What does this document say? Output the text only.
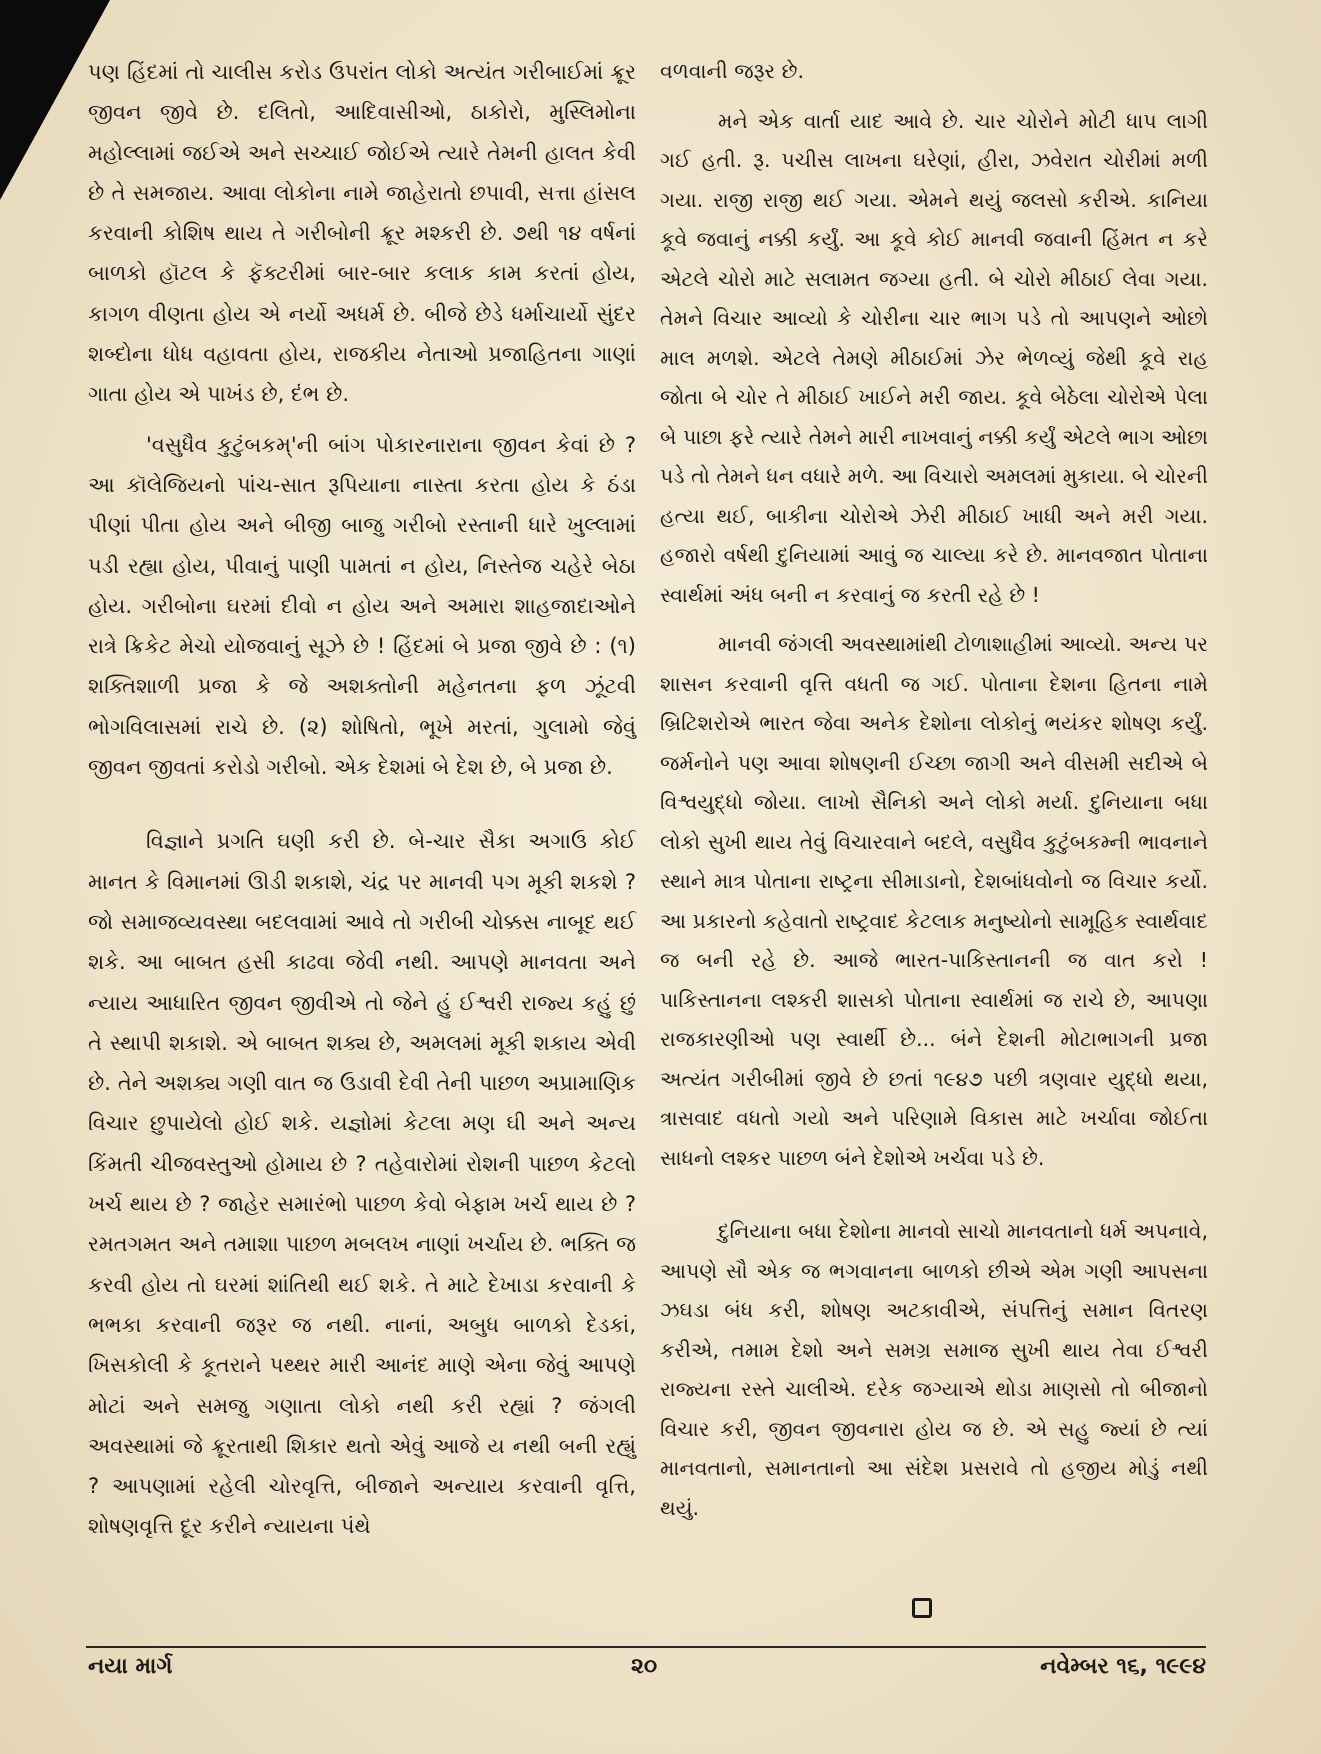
પણ હિંદમાં તો ચાલીસ કરોડ ઉપરાંત લોકો અત્યંત ગરીબાઈમાં ક્રૂર જીવન જીવે છે. દલિતો, આદિવાસીઓ, ઠાકોરો, મુસ્લિમોના મહોલ્લામાં જઈએ અને સચ્ચાઈ જોઈએ ત્યારે તેમની હાલત કેવી છે તે સમજાય. આવા લોકોના નામે જાહેરાતો છપાવી, સત્તા હાંસલ કરવાની કોશિષ થાય તે ગરીબોની ક્રૂર મશ્કરી છે. ૭થી ૧૪ વર્ષનાં બાળકો હૉટલ કે ફૅક્ટરીમાં બાર-બાર કલાક કામ કરતાં હોય, કાગળ વીણતા હોય એ નર્યો અધર્મ છે. બીજે છેડે ધર્માચાર્યો સુંદર શબ્દોના ધોધ વહાવતા હોય, રાજકીય નેતાઓ પ્રજાહિતના ગાણાં ગાતા હોય એ પાખંડ છે, દંભ છે.

'વસુધૈવ કુટુંબકમ્'ની બાંગ પોકારનારાના જીવન કેવાં છે ? આ કૉલેજિયનો પાંચ-સાત રૂપિયાના નાસ્તા કરતા હોય કે ઠંડા પીણાં પીતા હોય અને બીજી બાજુ ગરીબો રસ્તાની ધારે ખુલ્લામાં પડી રહ્યા હોય, પીવાનું પાણી પામતાં ન હોય, નિસ્તેજ ચહેરે બેઠા હોય. ગરીબોના ઘરમાં દીવો ન હોય અને અમારા શાહજાદાઓને રાત્રે ક્રિકેટ મેચો યોજવાનું સૂઝે છે ! હિંદમાં બે પ્રજા જીવે છે : (૧) શક્તિશાળી પ્રજા કે જે અશક્તોની મહેનતના ફળ ઝૂંટવી ભોગવિલાસમાં રાચે છે. (૨) શોષિતો, ભૂખે મરતાં, ગુલામો જેવું જીવન જીવતાં કરોડો ગરીબો. એક દેશમાં બે દેશ છે, બે પ્રજા છે.

વિજ્ઞાને પ્રગતિ ઘણી કરી છે. બે-ચાર સૈકા અગાઉ કોઈ માનત કે વિમાનમાં ઊડી શકાશે, ચંદ્ર પર માનવી પગ મૂકી શકશે ? જો સમાજવ્યવસ્થા બદલવામાં આવે તો ગરીબી ચોક્કસ નાબૂદ થઈ શકે. આ બાબત હસી કાઢવા જેવી નથી. આપણે માનવતા અને ન્યાય આધારિત જીવન જીવીએ તો જેને હું ઈશ્વરી રાજ્ય કહું છું તે સ્થાપી શકાશે. એ બાબત શક્ય છે, અમલમાં મૂકી શકાય એવી છે. તેને અશક્ય ગણી વાત જ ઉડાવી દેવી તેની પાછળ અપ્રામાણિક વિચાર છુપાયેલો હોઈ શકે. યજ્ઞોમાં કેટલા મણ ઘી અને અન્ય કિંમતી ચીજવસ્તુઓ હોમાય છે ? તહેવારોમાં રોશની પાછળ કેટલો ખર્ચ થાય છે ? જાહેર સમારંભો પાછળ કેવો બેફામ ખર્ચ થાય છે ? રમતગમત અને તમાશા પાછળ મબલખ નાણાં ખર્ચાય છે. ભક્તિ જ કરવી હોય તો ઘરમાં શાંતિથી થઈ શકે. તે માટે દેખાડા કરવાની કે ભભકા કરવાની જરૂર જ નથી. નાનાં, અબુધ બાળકો દેડકાં, ખિસકોલી કે કૂતરાને પથ્થર મારી આનંદ માણે એના જેવું આપણે મોટાં અને સમજુ ગણાતા લોકો નથી કરી રહ્યાં ? જંગલી અવસ્થામાં જે ક્રૂરતાથી શિકાર થતો એવું આજે ય નથી બની રહ્યું ? આપણામાં રહેલી ચોરવૃત્તિ, બીજાને અન્યાય કરવાની વૃત્તિ, શોષણવૃત્તિ દૂર કરીને ન્યાયના પંથે

વળવાની જરૂર છે.

મને એક વાર્તા યાદ આવે છે. ચાર ચોરોને મોટી ધાપ લાગી ગઈ હતી. રૂ. પચીસ લાખના ઘરેણાં, હીરા, ઝવેરાત ચોરીમાં મળી ગયા. રાજી રાજી થઈ ગયા. એમને થયું જલસો કરીએ. કાનિયા કૂવે જવાનું નક્કી કર્યું. આ કૂવે કોઈ માનવી જવાની હિંમત ન કરે એટલે ચોરો માટે સલામત જગ્યા હતી. બે ચોરો મીઠાઈ લેવા ગયા. તેમને વિચાર આવ્યો કે ચોરીના ચાર ભાગ પડે તો આપણને ઓછો માલ મળશે. એટલે તેમણે મીઠાઈમાં ઝેર ભેળવ્યું જેથી કૂવે રાહ જોતા બે ચોર તે મીઠાઈ ખાઈને મરી જાય. કૂવે બેઠેલા ચોરોએ પેલા બે પાછા ફરે ત્યારે તેમને મારી નાખવાનું નક્કી કર્યું એટલે ભાગ ઓછા પડે તો તેમને ધન વધારે મળે. આ વિચારો અમલમાં મુકાયા. બે ચોરની હત્યા થઈ, બાકીના ચોરોએ ઝેરી મીઠાઈ ખાધી અને મરી ગયા. હજારો વર્ષથી દુનિયામાં આવું જ ચાલ્યા કરે છે. માનવજાત પોતાના સ્વાર્થમાં અંધ બની ન કરવાનું જ કરતી રહે છે !

માનવી જંગલી અવસ્થામાંથી ટોળાશાહીમાં આવ્યો. અન્ય પર શાસન કરવાની વૃત્તિ વધતી જ ગઈ. પોતાના દેશના હિતના નામે બ્રિટિશરોએ ભારત જેવા અનેક દેશોના લોકોનું ભયંકર શોષણ કર્યું. જર્મનોને પણ આવા શોષણની ઈચ્છા જાગી અને વીસમી સદીએ બે વિશ્વયુદ્ધો જોયા. લાખો સૈનિકો અને લોકો મર્યા. દુનિયાના બધા લોકો સુખી થાય તેવું વિચારવાને બદલે, વસુધૈવ કુટુંબકમ્ની ભાવનાને સ્થાને માત્ર પોતાના રાષ્ટ્રના સીમાડાનો, દેશબાંધવોનો જ વિચાર કર્યો. આ પ્રકારનો કહેવાતો રાષ્ટ્રવાદ કેટલાક મનુષ્યોનો સામૂહિક સ્વાર્થવાદ જ બની રહે છે. આજે ભારત-પાકિસ્તાનની જ વાત કરો ! પાકિસ્તાનના લશ્કરી શાસકો પોતાના સ્વાર્થમાં જ રાચે છે, આપણા રાજકારણીઓ પણ સ્વાર્થી છે... બંને દેશની મોટાભાગની પ્રજા અત્યંત ગરીબીમાં જીવે છે છતાં ૧૯૪૭ પછી ત્રણવાર યુદ્ધો થયા, ત્રાસવાદ વધતો ગયો અને પરિણામે વિકાસ માટે ખર્ચાવા જોઈતા સાધનો લશ્કર પાછળ બંને દેશોએ ખર્ચવા પડે છે.

દુનિયાના બધા દેશોના માનવો સાચો માનવતાનો ધર્મ અપનાવે, આપણે સૌ એક જ ભગવાનના બાળકો છીએ એમ ગણી આપસના ઝઘડા બંધ કરી, શોષણ અટકાવીએ, સંપત્તિનું સમાન વિતરણ કરીએ, તમામ દેશો અને સમગ્ર સમાજ સુખી થાય તેવા ઈશ્વરી રાજ્યના રસ્તે ચાલીએ. દરેક જગ્યાએ થોડા માણસો તો બીજાનો વિચાર કરી, જીવન જીવનારા હોય જ છે. એ સહુ જ્યાં છે ત્યાં માનવતાનો, સમાનતાનો આ સંદેશ પ્રસરાવે તો હજીય મોડું નથી થયું.

નયા માર્ગ	૨૦	નવેમ્બર ૧૬, ૧૯૯૪
